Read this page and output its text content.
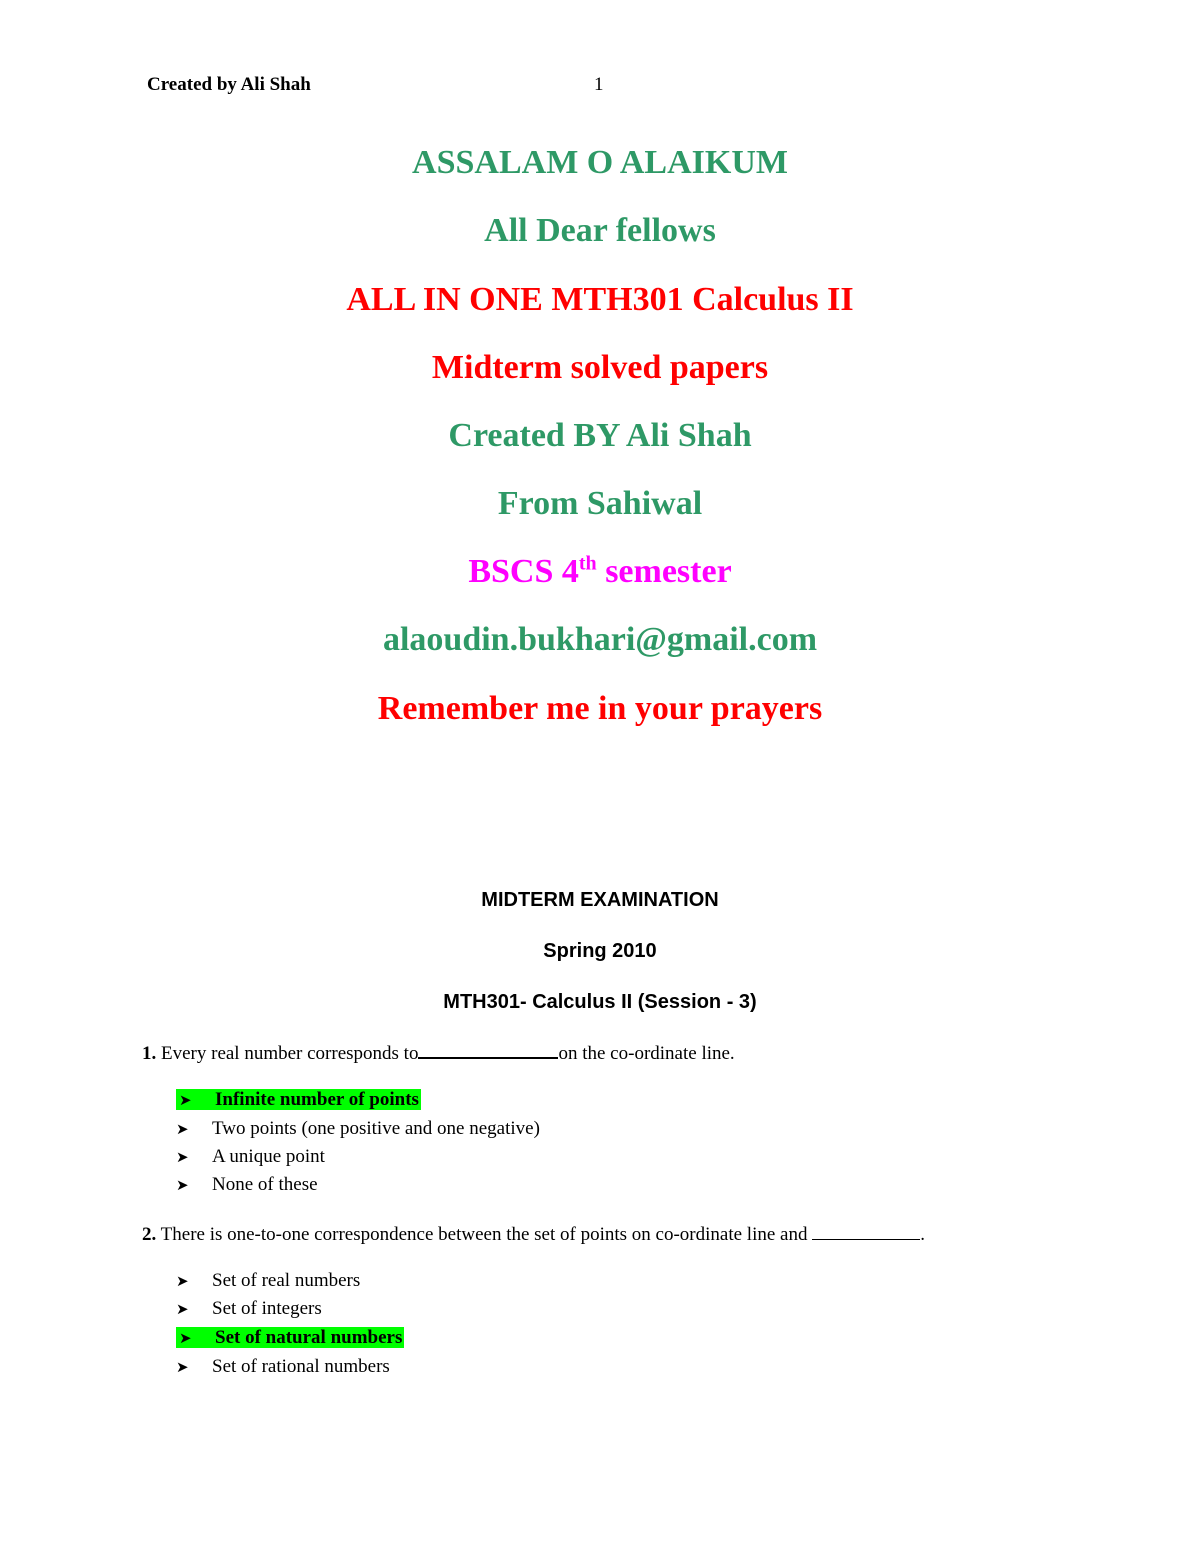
Created by Ali Shah	1
ASSALAM O ALAIKUM
All Dear fellows
ALL IN ONE MTH301 Calculus II
Midterm solved papers
Created BY Ali Shah
From Sahiwal
BSCS 4th semester
alaoudin.bukhari@gmail.com
Remember me in your prayers
MIDTERM EXAMINATION
Spring 2010
MTH301- Calculus II (Session - 3)
1. Every real number corresponds to	on the co-ordinate line.
➤ Infinite number of points
➤ Two points (one positive and one negative)
➤ A unique point
➤ None of these
2. There is one-to-one correspondence between the set of points on co-ordinate line and	.
➤ Set of real numbers
➤ Set of integers
➤ Set of natural numbers
➤ Set of rational numbers
